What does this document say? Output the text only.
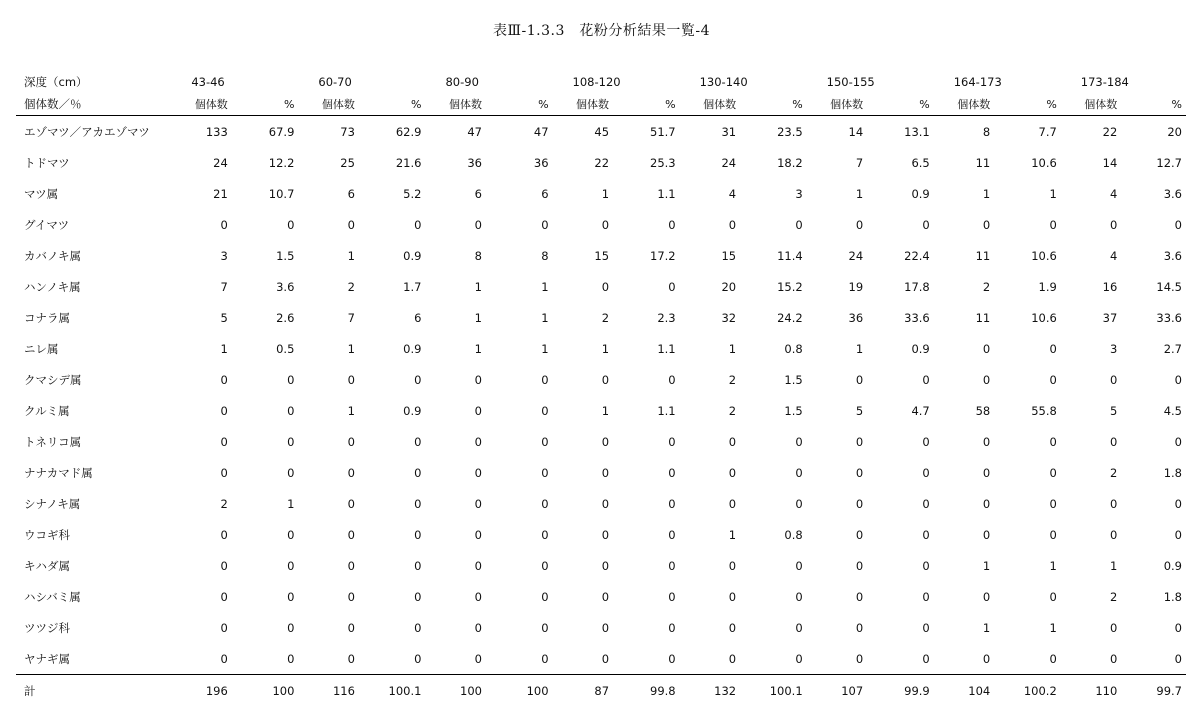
表Ⅲ-1.3.3　花粉分析結果一覧-4
深度（cm）	43-46		60-70		80-90		108-120		130-140		150-155		164-173		173-184	
個体数／％	個体数	%	個体数	%	個体数	%	個体数	%	個体数	%	個体数	%	個体数	%	個体数	%
エゾマツ／アカエゾマツ	133	67.9	73	62.9	47	47	45	51.7	31	23.5	14	13.1	8	7.7	22	20
トドマツ	24	12.2	25	21.6	36	36	22	25.3	24	18.2	7	6.5	11	10.6	14	12.7
マツ属	21	10.7	6	5.2	6	6	1	1.1	4	3	1	0.9	1	1	4	3.6
グイマツ	0	0	0	0	0	0	0	0	0	0	0	0	0	0	0	0
カバノキ属	3	1.5	1	0.9	8	8	15	17.2	15	11.4	24	22.4	11	10.6	4	3.6
ハンノキ属	7	3.6	2	1.7	1	1	0	0	20	15.2	19	17.8	2	1.9	16	14.5
コナラ属	5	2.6	7	6	1	1	2	2.3	32	24.2	36	33.6	11	10.6	37	33.6
ニレ属	1	0.5	1	0.9	1	1	1	1.1	1	0.8	1	0.9	0	0	3	2.7
クマシデ属	0	0	0	0	0	0	0	0	2	1.5	0	0	0	0	0	0
クルミ属	0	0	1	0.9	0	0	1	1.1	2	1.5	5	4.7	58	55.8	5	4.5
トネリコ属	0	0	0	0	0	0	0	0	0	0	0	0	0	0	0	0
ナナカマド属	0	0	0	0	0	0	0	0	0	0	0	0	0	0	2	1.8
シナノキ属	2	1	0	0	0	0	0	0	0	0	0	0	0	0	0	0
ウコギ科	0	0	0	0	0	0	0	0	1	0.8	0	0	0	0	0	0
キハダ属	0	0	0	0	0	0	0	0	0	0	0	0	1	1	1	0.9
ハシバミ属	0	0	0	0	0	0	0	0	0	0	0	0	0	0	2	1.8
ツツジ科	0	0	0	0	0	0	0	0	0	0	0	0	1	1	0	0
ヤナギ属	0	0	0	0	0	0	0	0	0	0	0	0	0	0	0	0
計	196	100	116	100.1	100	100	87	99.8	132	100.1	107	99.9	104	100.2	110	99.7
